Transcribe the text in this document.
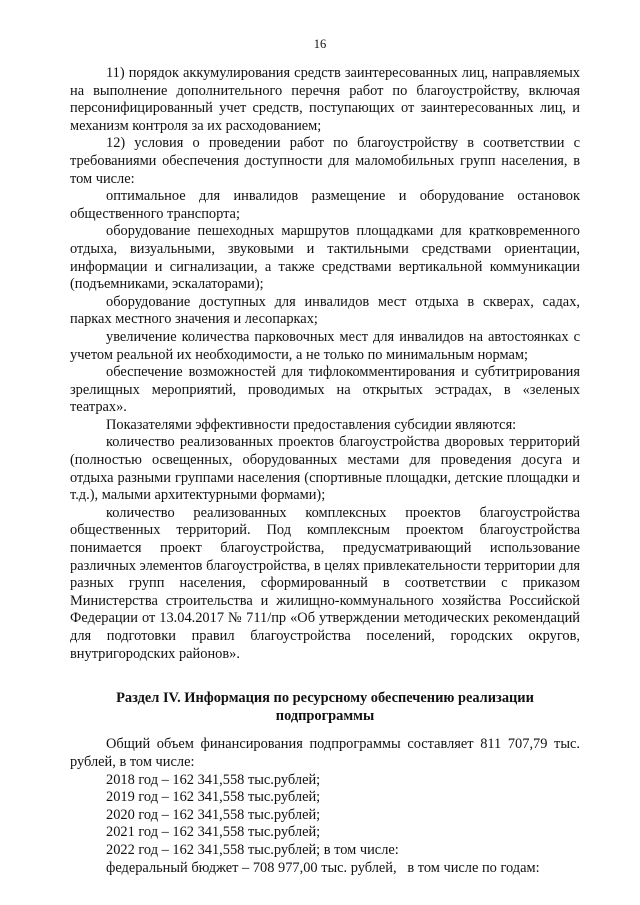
16

11) порядок аккумулирования средств заинтересованных лиц, направляемых на выполнение дополнительного перечня работ по благоустройству, включая персонифицированный учет средств, поступающих от заинтересованных лиц, и механизм контроля за их расходованием;

12) условия о проведении работ по благоустройству в соответствии с требованиями обеспечения доступности для маломобильных групп населения, в том числе:

оптимальное для инвалидов размещение и оборудование остановок общественного транспорта;

оборудование пешеходных маршрутов площадками для кратковременного отдыха, визуальными, звуковыми и тактильными средствами ориентации, информации и сигнализации, а также средствами вертикальной коммуникации (подъемниками, эскалаторами);

оборудование доступных для инвалидов мест отдыха в скверах, садах, парках местного значения и лесопарках;

увеличение количества парковочных мест для инвалидов на автостоянках с учетом реальной их необходимости, а не только по минимальным нормам;

обеспечение возможностей для тифлокомментирования и субтитрирования зрелищных мероприятий, проводимых на открытых эстрадах, в «зеленых театрах».

Показателями эффективности предоставления субсидии являются:

количество реализованных проектов благоустройства дворовых территорий (полностью освещенных, оборудованных местами для проведения досуга и отдыха разными группами населения (спортивные площадки, детские площадки и т.д.), малыми архитектурными формами);

количество реализованных комплексных проектов благоустройства общественных территорий. Под комплексным проектом благоустройства понимается проект благоустройства, предусматривающий использование различных элементов благоустройства, в целях привлекательности территории для разных групп населения, сформированный в соответствии с приказом Министерства строительства и жилищно-коммунального хозяйства Российской Федерации от 13.04.2017 № 711/пр «Об утверждении методических рекомендаций для подготовки правил благоустройства поселений, городских округов, внутригородских районов».

Раздел IV. Информация по ресурсному обеспечению реализации подпрограммы

Общий объем финансирования подпрограммы составляет 811 707,79 тыс. рублей, в том числе:

2018 год – 162 341,558 тыс.рублей;

2019 год – 162 341,558 тыс.рублей;

2020 год – 162 341,558 тыс.рублей;

2021 год – 162 341,558 тыс.рублей;

2022 год – 162 341,558 тыс.рублей; в том числе:

федеральный бюджет – 708 977,00 тыс. рублей,   в том числе по годам:
